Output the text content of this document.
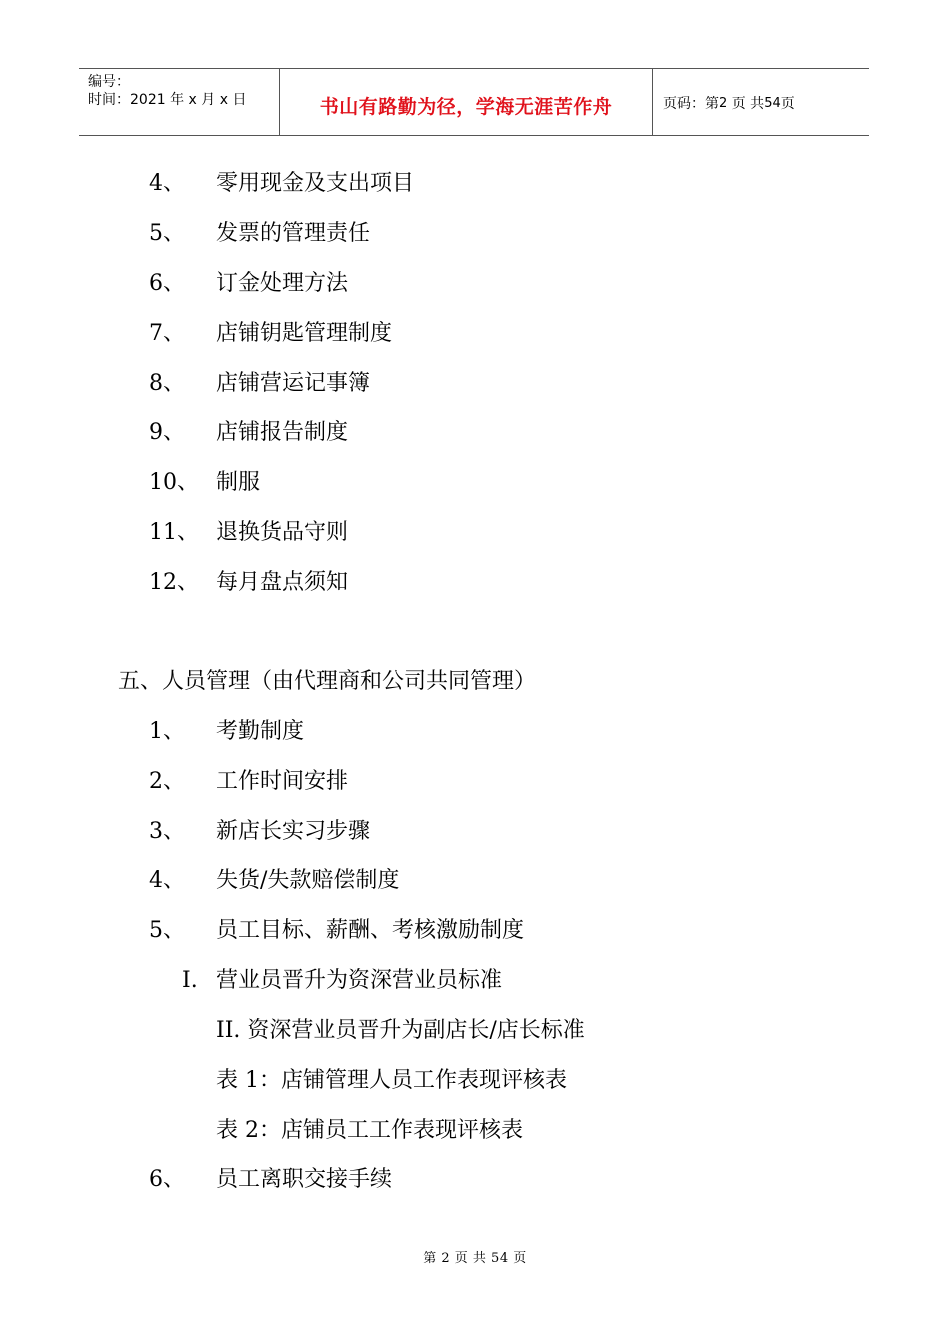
编号：
时间：2021 年 x 月 x 日	书山有路勤为径，学海无涯苦作舟	页码：第 2
页 共 54 页
4、 零用现金及支出项目
5、 发票的管理责任
6、 订金处理方法
7、 店铺钥匙管理制度
8、 店铺营运记事簿
9、 店铺报告制度
10、 制服
11、 退换货品守则
12、 每月盘点须知
五、人员管理（由代理商和公司共同管理）
1、 考勤制度
2、 工作时间安排
3、 新店长实习步骤
4、 失货/失款赔偿制度
5、 员工目标、薪酬、考核激励制度
I. 营业员晋升为资深营业员标准
II. 资深营业员晋升为副店长/店长标准
表 1：店铺管理人员工作表现评核表
表 2：店铺员工工作表现评核表
6、 员工离职交接手续
第 2 页 共 54 页
